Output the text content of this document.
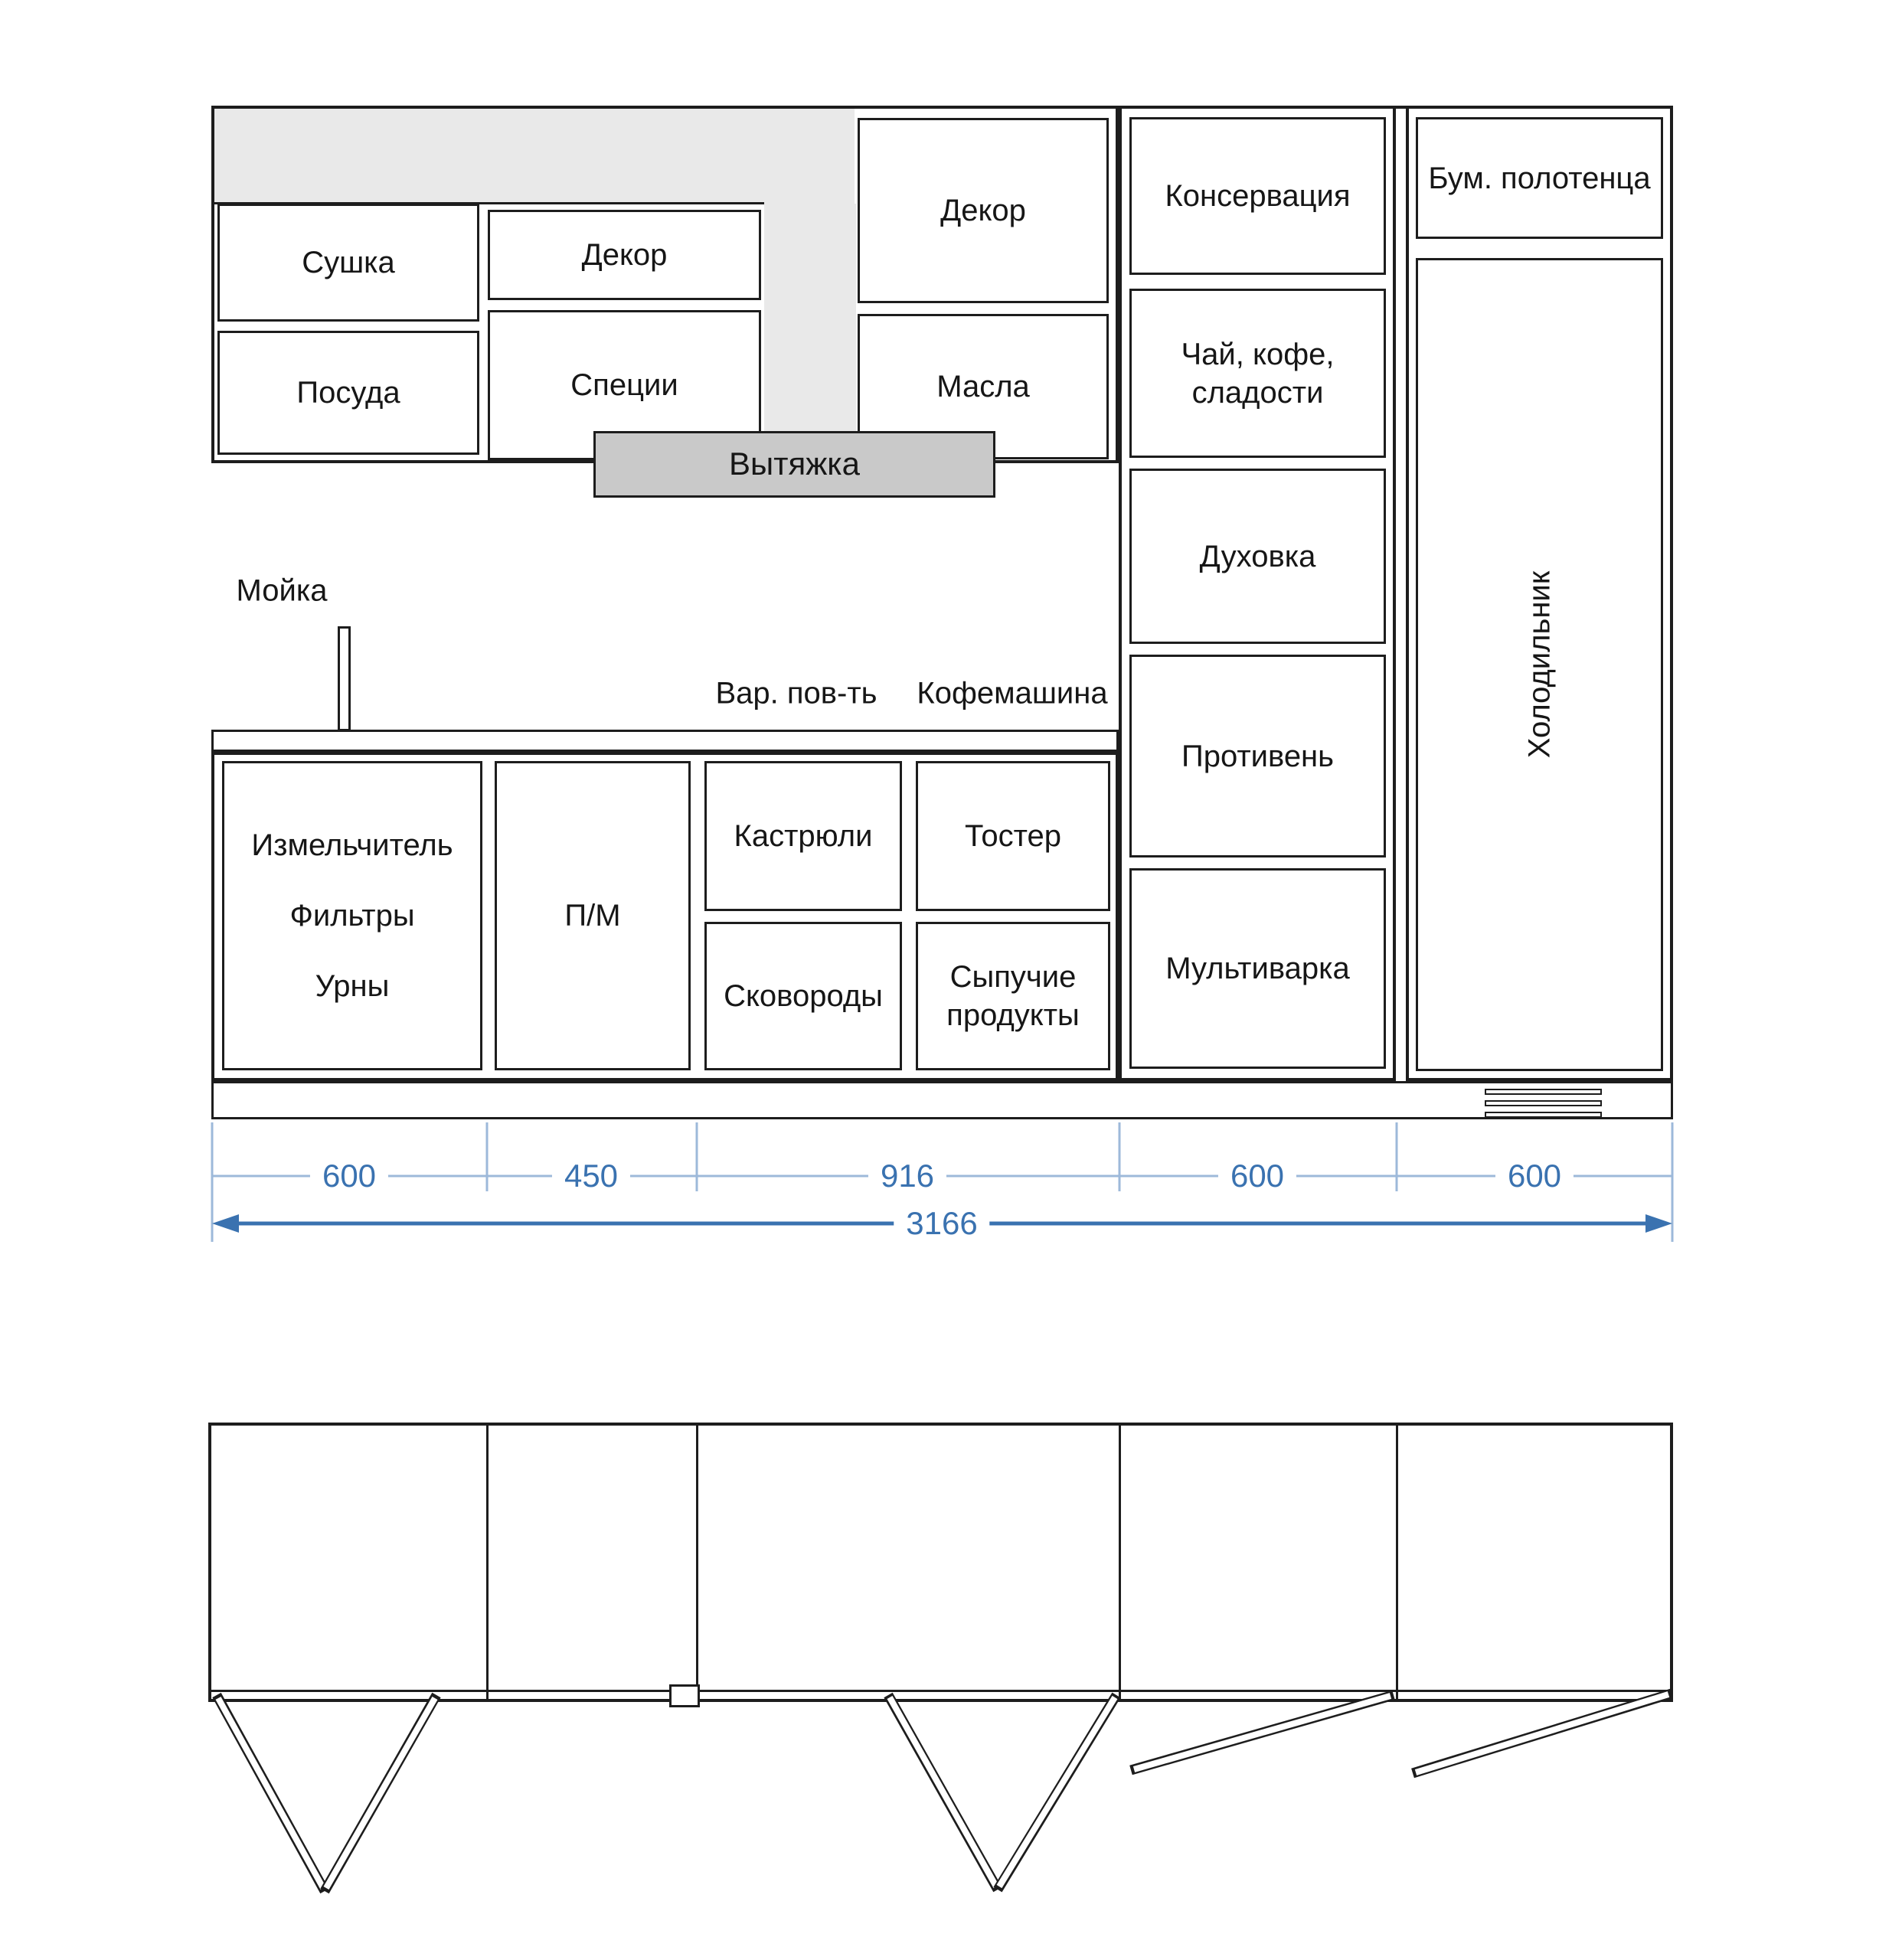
Сушка
Посуда
Декор
Специи
Декор
Масла
Вытяжка
Консервация
Чай, кофе, сладости
Духовка
Противень
Мультиварка
Бум. полотенца
Холодильник
Мойка
Вар. пов-ть Кофемашина
Измельчитель
Фильтры
Урны
П/М
Кастрюли	Тостер
Сковороды
Сыпучие продукты
600	450	916	600	600
3166
